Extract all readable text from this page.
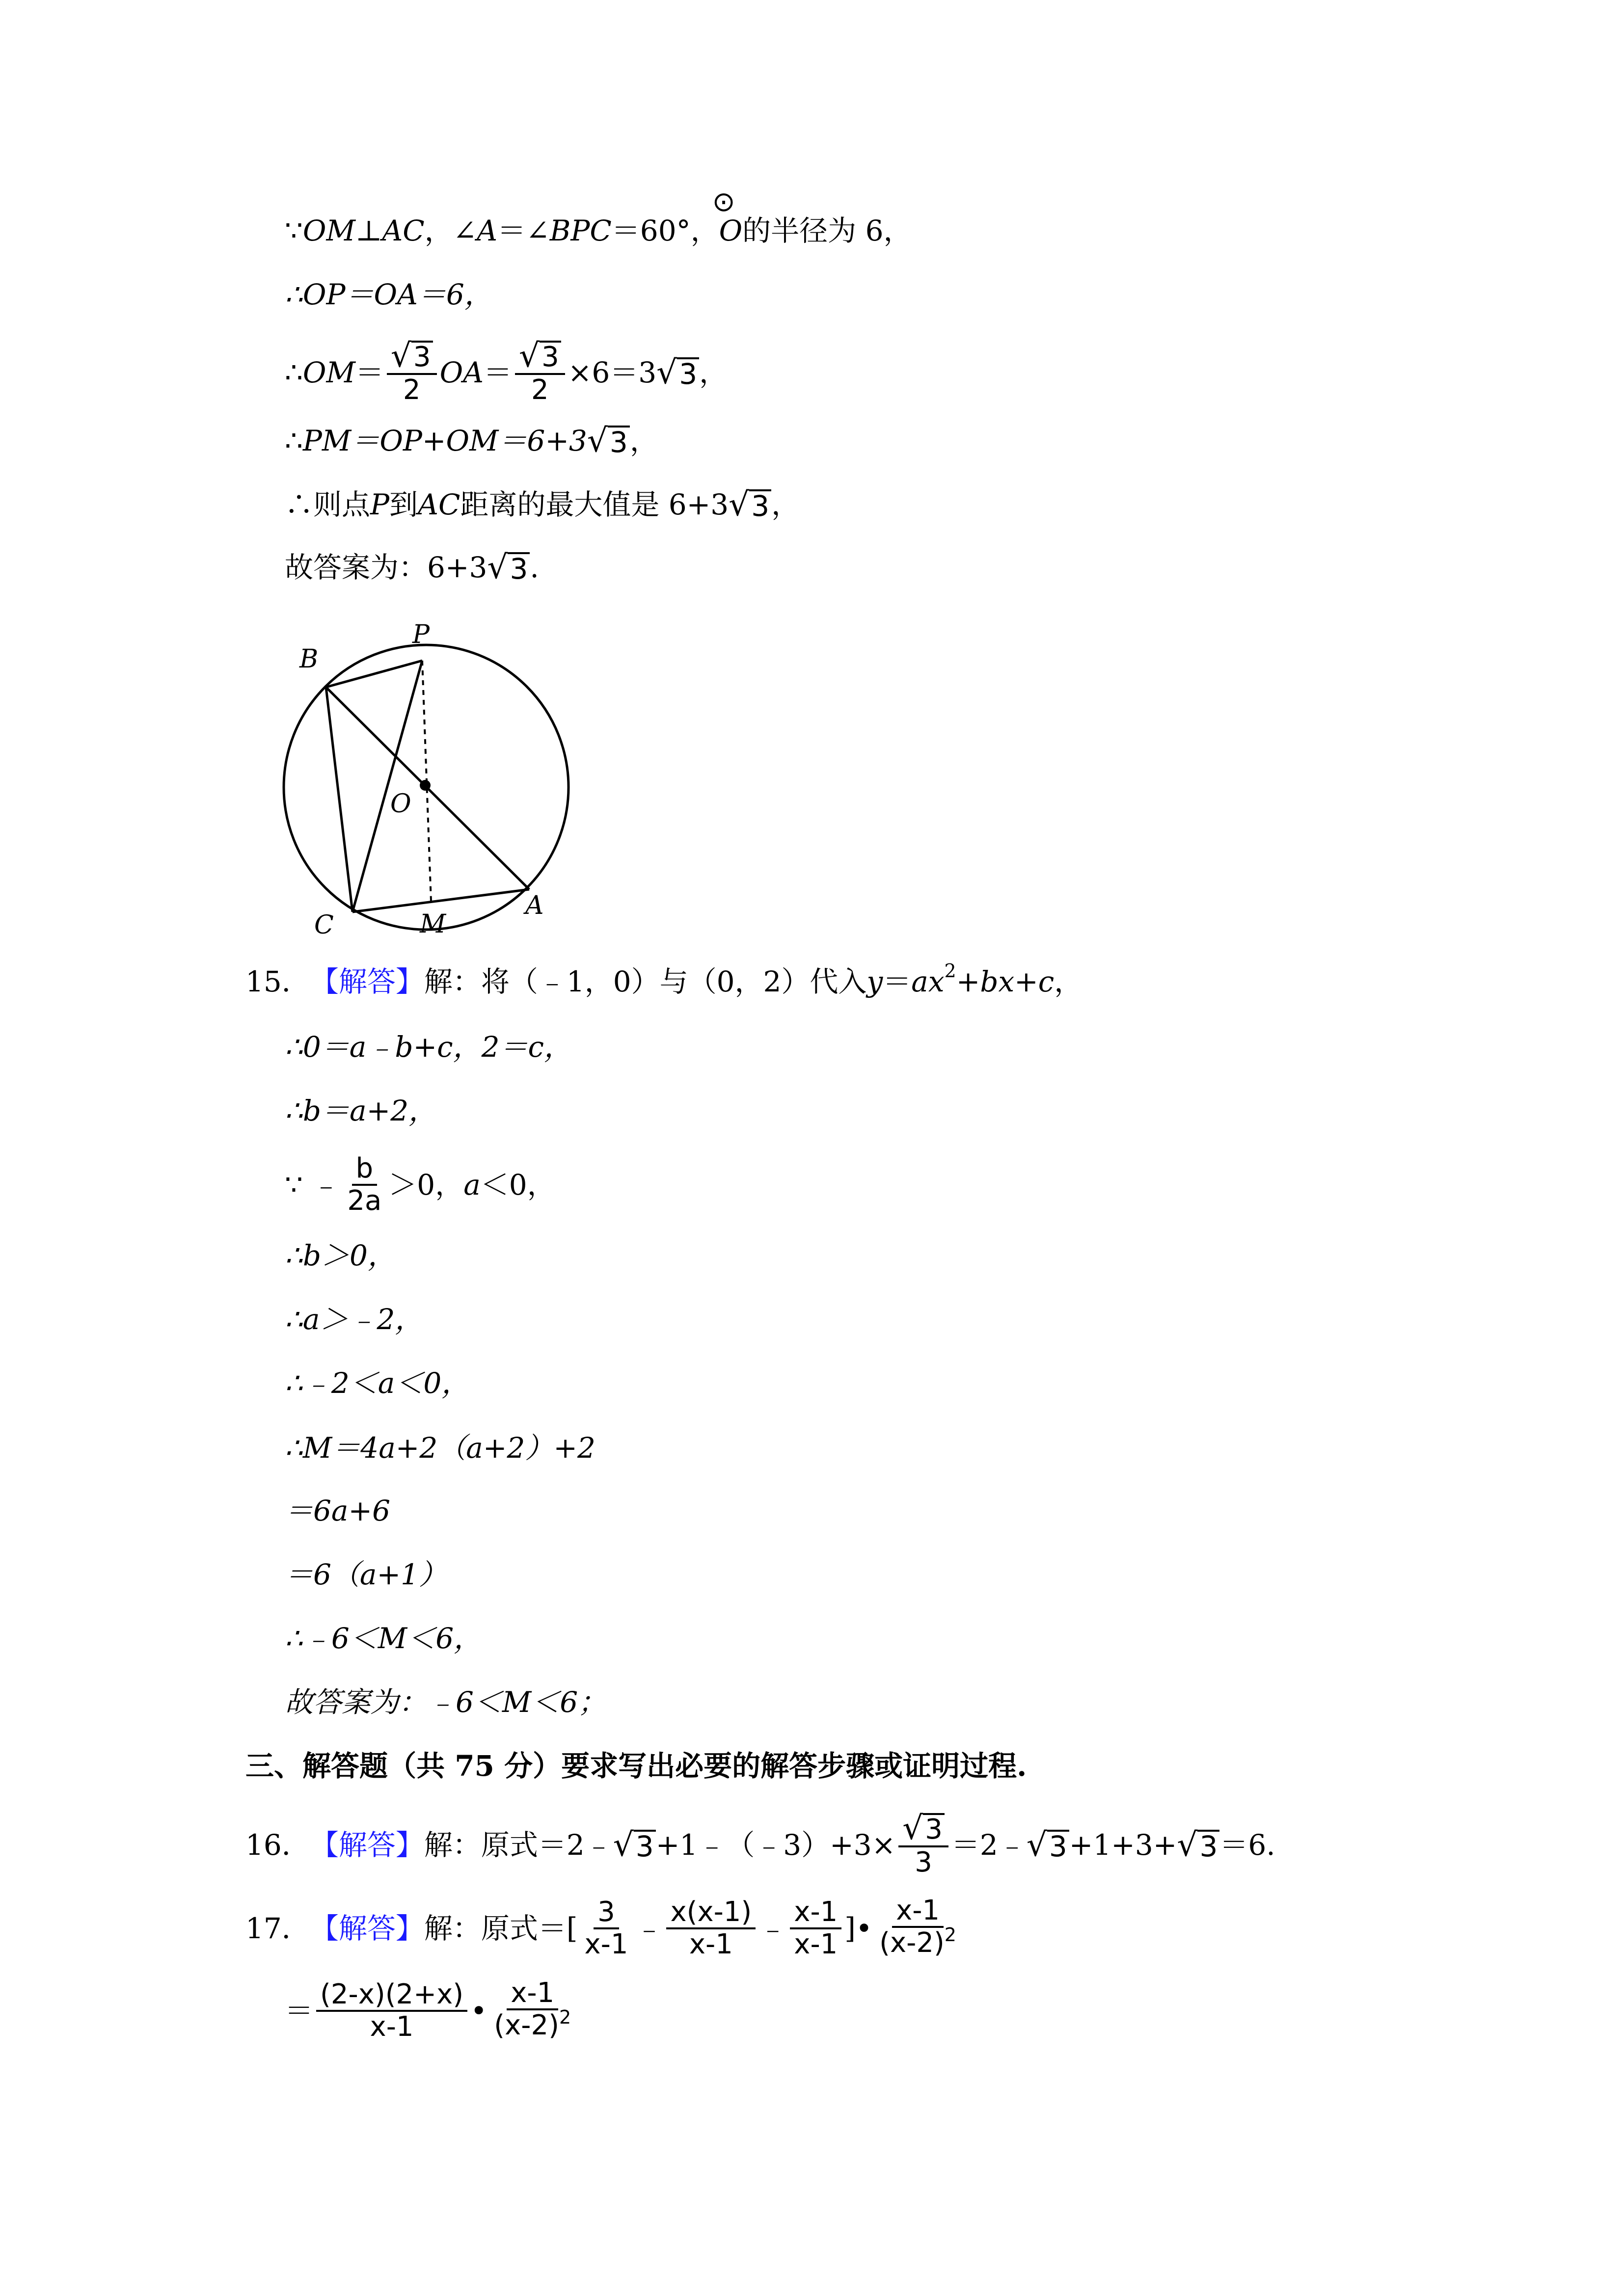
∵ OM ⊥ AC ，∠ A ＝∠ BPC ＝60°，
⊙
O 的半径为 6，
∴OP＝OA＝6，
∴ OM ＝ $\frac{√ 3}{2}$ OA ＝ $\frac{√ 3}{2} \times 6=3$ √ 3 ，
∴ PM＝OP+OM＝6+3 √ 3 ，
∴则点 P 到 AC 距离的最大值是 6+3 √ 3 ，
故答案为：6+3 √ 3 .
B
P
O
C	M
A
15． 【解答】 解：将（﹣1，0）与（0，2）代入 y ＝ ax 2 +bx+c ，
∴0＝a﹣b+c，2＝c，
∴b＝a+2，
∵ ﹣ $\frac{b}{2a} >0$， a ＜0，
∴b＞0，
∴a＞﹣2，
∴﹣2＜a＜0，
∴M＝4a+2（a+2）+2
＝6a+6
＝6（a+1）
∴﹣6＜M＜6，
故答案为：﹣6＜M＜6；
三、解答题（共 75 分）要求写出必要的解答步骤或证明过程.
16． 【解答】 解：原式＝2﹣ √ 3 +1﹣（﹣3）+3× $\frac{√ 3}{3}$ ＝2﹣ √ 3 +1+3+ √ 3 ＝6.
17． 【解答】 解：原式＝[ $\frac{3}{x-1}$ ﹣ $\frac{x(x-1)}{x-1}$ ﹣ $\frac{x-1}{x-1}$ ]• $\frac{x-1}{(x-2)^2}$
＝ $\frac{(2-x)(2+x)}{x-1}$ • $\frac{x-1}{(x-2)^2}$
